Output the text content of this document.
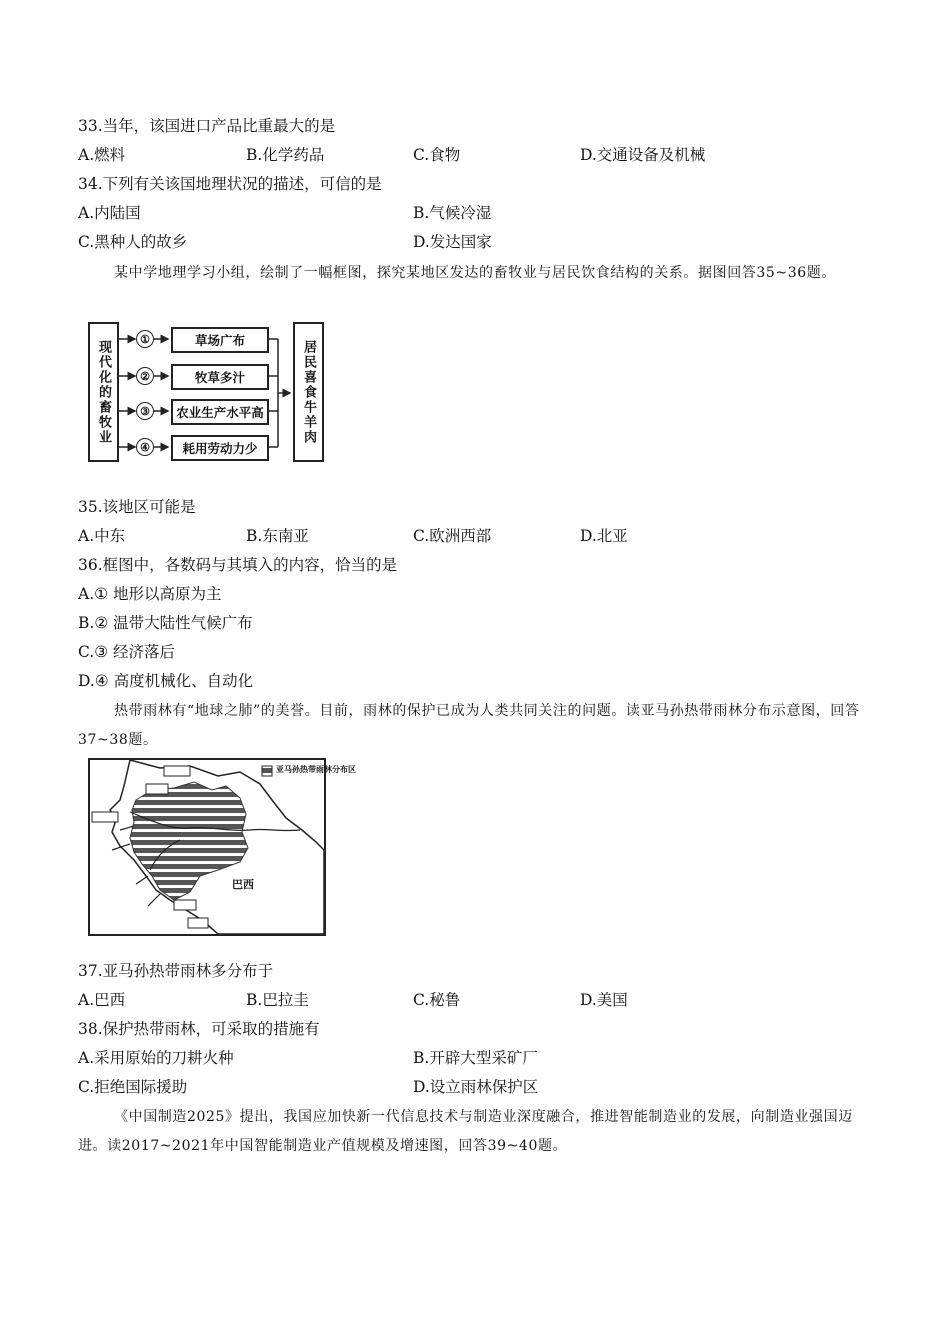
33.当年，该国进口产品比重最大的是
A.燃料	B.化学药品	C.食物	D.交通设备及机械
34.下列有关该国地理状况的描述，可信的是
A.内陆国	B.气候冷湿
C.黑种人的故乡	D.发达国家
某中学地理学习小组，绘制了一幅框图，探究某地区发达的畜牧业与居民饮食结构的关系。据图回答35~36题。
现代化的畜牧业
①
②
③
④
草场广布
牧草多汁
农业生产水平高
耗用劳动力少
居民喜食牛羊肉
35.该地区可能是
A.中东	B.东南亚	C.欧洲西部	D.北亚
36.框图中，各数码与其填入的内容，恰当的是
A.① 地形以高原为主
B.② 温带大陆性气候广布
C.③ 经济落后
D.④ 高度机械化、自动化
热带雨林有“地球之肺”的美誉。目前，雨林的保护已成为人类共同关注的问题。读亚马孙热带雨林分布示意图，回答37~38题。
亚马孙热带雨林分布区
巴西
37.亚马孙热带雨林多分布于
A.巴西	B.巴拉圭	C.秘鲁	D.美国
38.保护热带雨林，可采取的措施有
A.采用原始的刀耕火种	B.开辟大型采矿厂
C.拒绝国际援助	D.设立雨林保护区
《中国制造2025》提出，我国应加快新一代信息技术与制造业深度融合，推进智能制造业的发展，向制造业强国迈进。读2017~2021年中国智能制造业产值规模及增速图，回答39~40题。
